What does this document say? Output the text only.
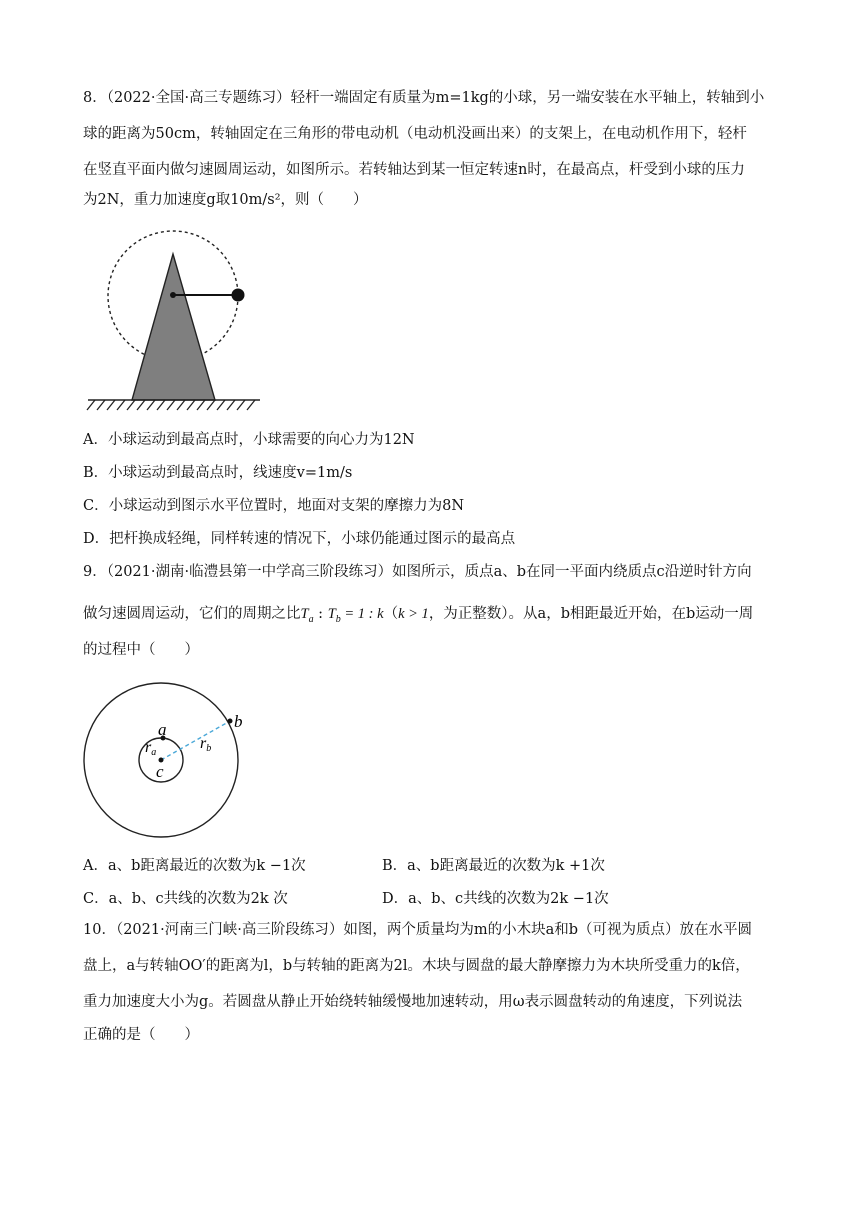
8．（2022·全国·高三专题练习）轻杆一端固定有质量为m=1kg的小球，另一端安装在水平轴上，转轴到小
球的距离为50cm，转轴固定在三角形的带电动机（电动机没画出来）的支架上，在电动机作用下，轻杆
在竖直平面内做匀速圆周运动，如图所示。若转轴达到某一恒定转速n时，在最高点，杆受到小球的压力
为2N，重力加速度g取10m/s²，则（　　）
A．小球运动到最高点时，小球需要的向心力为12N
B．小球运动到最高点时，线速度v=1m/s
C．小球运动到图示水平位置时，地面对支架的摩擦力为8N
D．把杆换成轻绳，同样转速的情况下，小球仍能通过图示的最高点
9．（2021·湖南·临澧县第一中学高三阶段练习）如图所示，质点a、b在同一平面内绕质点c沿逆时针方向
做匀速圆周运动，它们的周期之比$T_a$ : $T_b = 1$ : k（k > 1，为正整数）。从a，b相距最近开始，在b运动一周
的过程中（　　）
a	b
c
ra
rb
A．a、b距离最近的次数为k −1次	B．a、b距离最近的次数为k +1次
C．a、b、c共线的次数为2k 次	D．a、b、c共线的次数为2k −1次
10．（2021·河南三门峡·高三阶段练习）如图，两个质量均为m的小木块a和b（可视为质点）放在水平圆
盘上，a与转轴OO′的距离为l，b与转轴的距离为2l。木块与圆盘的最大静摩擦力为木块所受重力的k倍，
重力加速度大小为g。若圆盘从静止开始绕转轴缓慢地加速转动，用ω表示圆盘转动的角速度，下列说法
正确的是（　　）
